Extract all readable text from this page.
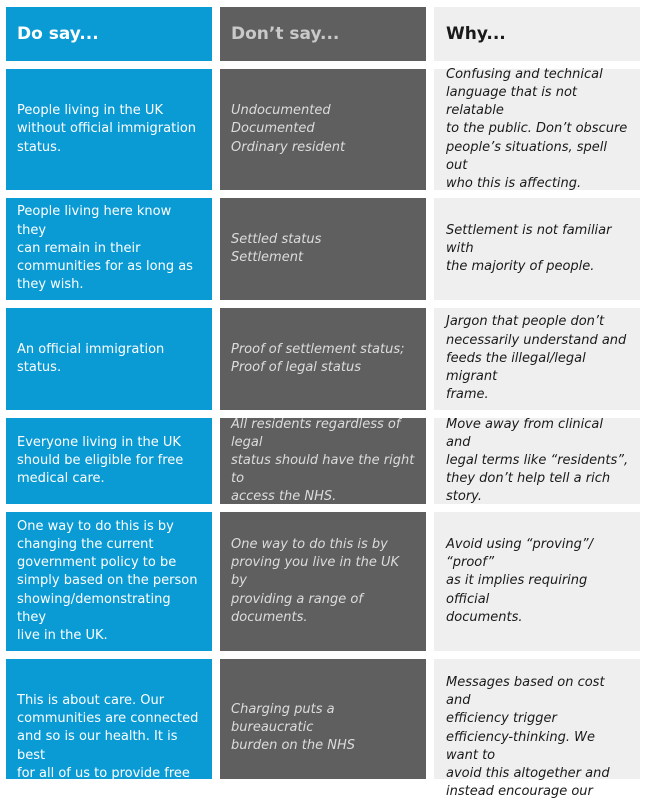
Do say...	Don’t say...	Why...
People living in the UK
without official immigration
status.
Undocumented
Documented
Ordinary resident
Confusing and technical
language that is not relatable
to the public. Don’t obscure
people’s situations, spell out
who this is affecting.
People living here know they
can remain in their
communities for as long as
they wish.
Settled status
Settlement
Settlement is not familiar with
the majority of people.
An official immigration
status.
Proof of settlement status;
Proof of legal status
Jargon that people don’t
necessarily understand and
feeds the illegal/legal migrant
frame.
Everyone living in the UK
should be eligible for free
medical care.
All residents regardless of legal
status should have the right to
access the NHS.
Move away from clinical and
legal terms like “residents”,
they don’t help tell a rich story.
One way to do this is by
changing the current
government policy to be
simply based on the person
showing/demonstrating they
live in the UK.
One way to do this is by
proving you live in the UK by
providing a range of
documents.
Avoid using “proving”/ “proof”
as it implies requiring official
documents.
This is about care. Our
communities are connected
and so is our health. It is best
for all of us to provide free
Charging puts a bureaucratic
burden on the NHS
Messages based on cost and
efficiency trigger
efficiency-thinking. We want to
avoid this altogether and
instead encourage our
